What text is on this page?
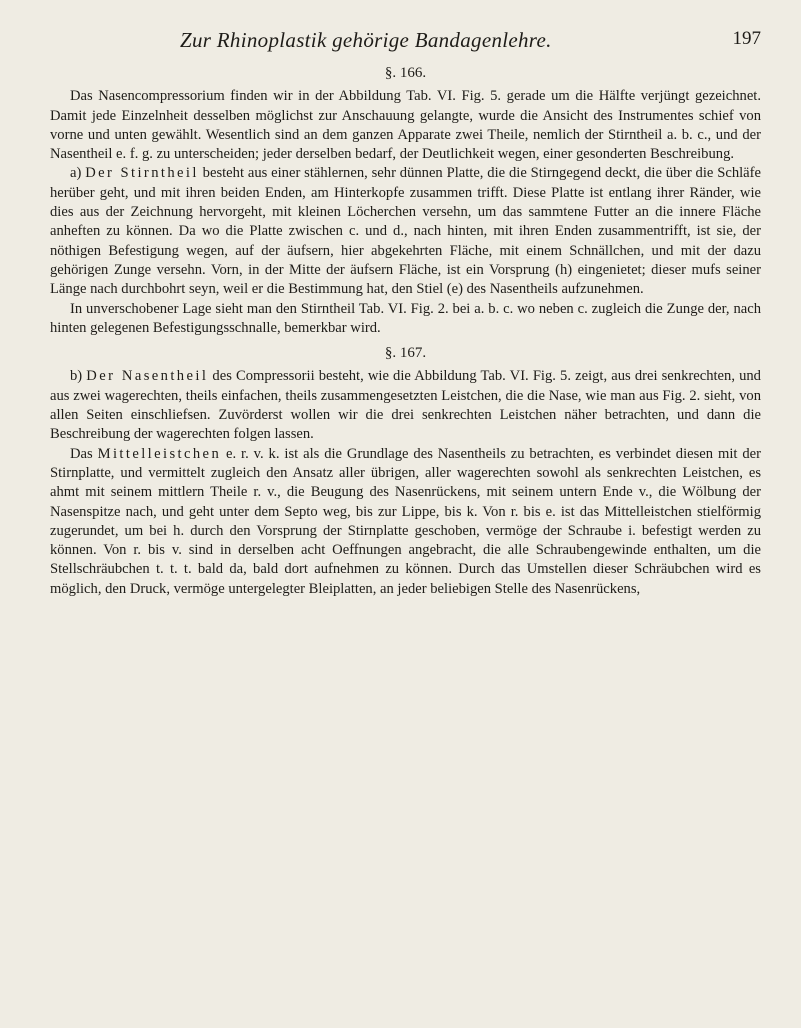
Zur Rhinoplastik gehörige Bandagenlehre.	197
§. 166.

Das Nasencompressorium finden wir in der Abbildung Tab. VI. Fig. 5. gerade um die Hälfte verjüngt gezeichnet. Damit jede Einzelnheit desselben möglichst zur Anschauung gelangte, wurde die Ansicht des Instrumentes schief von vorne und unten gewählt. Wesentlich sind an dem ganzen Apparate zwei Theile, nemlich der Stirntheil a. b. c., und der Nasentheil e. f. g. zu unterscheiden; jeder derselben bedarf, der Deutlichkeit wegen, einer gesonderten Beschreibung.

a) Der Stirntheil besteht aus einer stählernen, sehr dünnen Platte, die die Stirngegend deckt, die über die Schläfe herüber geht, und mit ihren beiden Enden, am Hinterkopfe zusammen trifft. Diese Platte ist entlang ihrer Ränder, wie dies aus der Zeichnung hervorgeht, mit kleinen Löcherchen versehn, um das sammtene Futter an die innere Fläche anheften zu können. Da wo die Platte zwischen c. und d., nach hinten, mit ihren Enden zusammentrifft, ist sie, der nöthigen Befestigung wegen, auf der äufsern, hier abgekehrten Fläche, mit einem Schnällchen, und mit der dazu gehörigen Zunge versehn. Vorn, in der Mitte der äufsern Fläche, ist ein Vorsprung (h) eingenietet; dieser mufs seiner Länge nach durchbohrt seyn, weil er die Bestimmung hat, den Stiel (e) des Nasentheils aufzunehmen.

In unverschobener Lage sieht man den Stirntheil Tab. VI. Fig. 2. bei a. b. c. wo neben c. zugleich die Zunge der, nach hinten gelegenen Befestigungsschnalle, bemerkbar wird.

§. 167.

b) Der Nasentheil des Compressorii besteht, wie die Abbildung Tab. VI. Fig. 5. zeigt, aus drei senkrechten, und aus zwei wagerechten, theils einfachen, theils zusammengesetzten Leistchen, die die Nase, wie man aus Fig. 2. sieht, von allen Seiten einschliefsen. Zuvörderst wollen wir die drei senkrechten Leistchen näher betrachten, und dann die Beschreibung der wagerechten folgen lassen.

Das Mittelleistchen e. r. v. k. ist als die Grundlage des Nasentheils zu betrachten, es verbindet diesen mit der Stirnplatte, und vermittelt zugleich den Ansatz aller übrigen, aller wagerechten sowohl als senkrechten Leistchen, es ahmt mit seinem mittlern Theile r. v., die Beugung des Nasenrückens, mit seinem untern Ende v., die Wölbung der Nasenspitze nach, und geht unter dem Septo weg, bis zur Lippe, bis k. Von r. bis e. ist das Mittelleistchen stielförmig zugerundet, um bei h. durch den Vorsprung der Stirnplatte geschoben, vermöge der Schraube i. befestigt werden zu können. Von r. bis v. sind in derselben acht Oeffnungen angebracht, die alle Schraubengewinde enthalten, um die Stellschräubchen t. t. t. bald da, bald dort aufnehmen zu können. Durch das Umstellen dieser Schräubchen wird es möglich, den Druck, vermöge untergelegter Bleiplatten, an jeder beliebigen Stelle des Nasenrückens,
